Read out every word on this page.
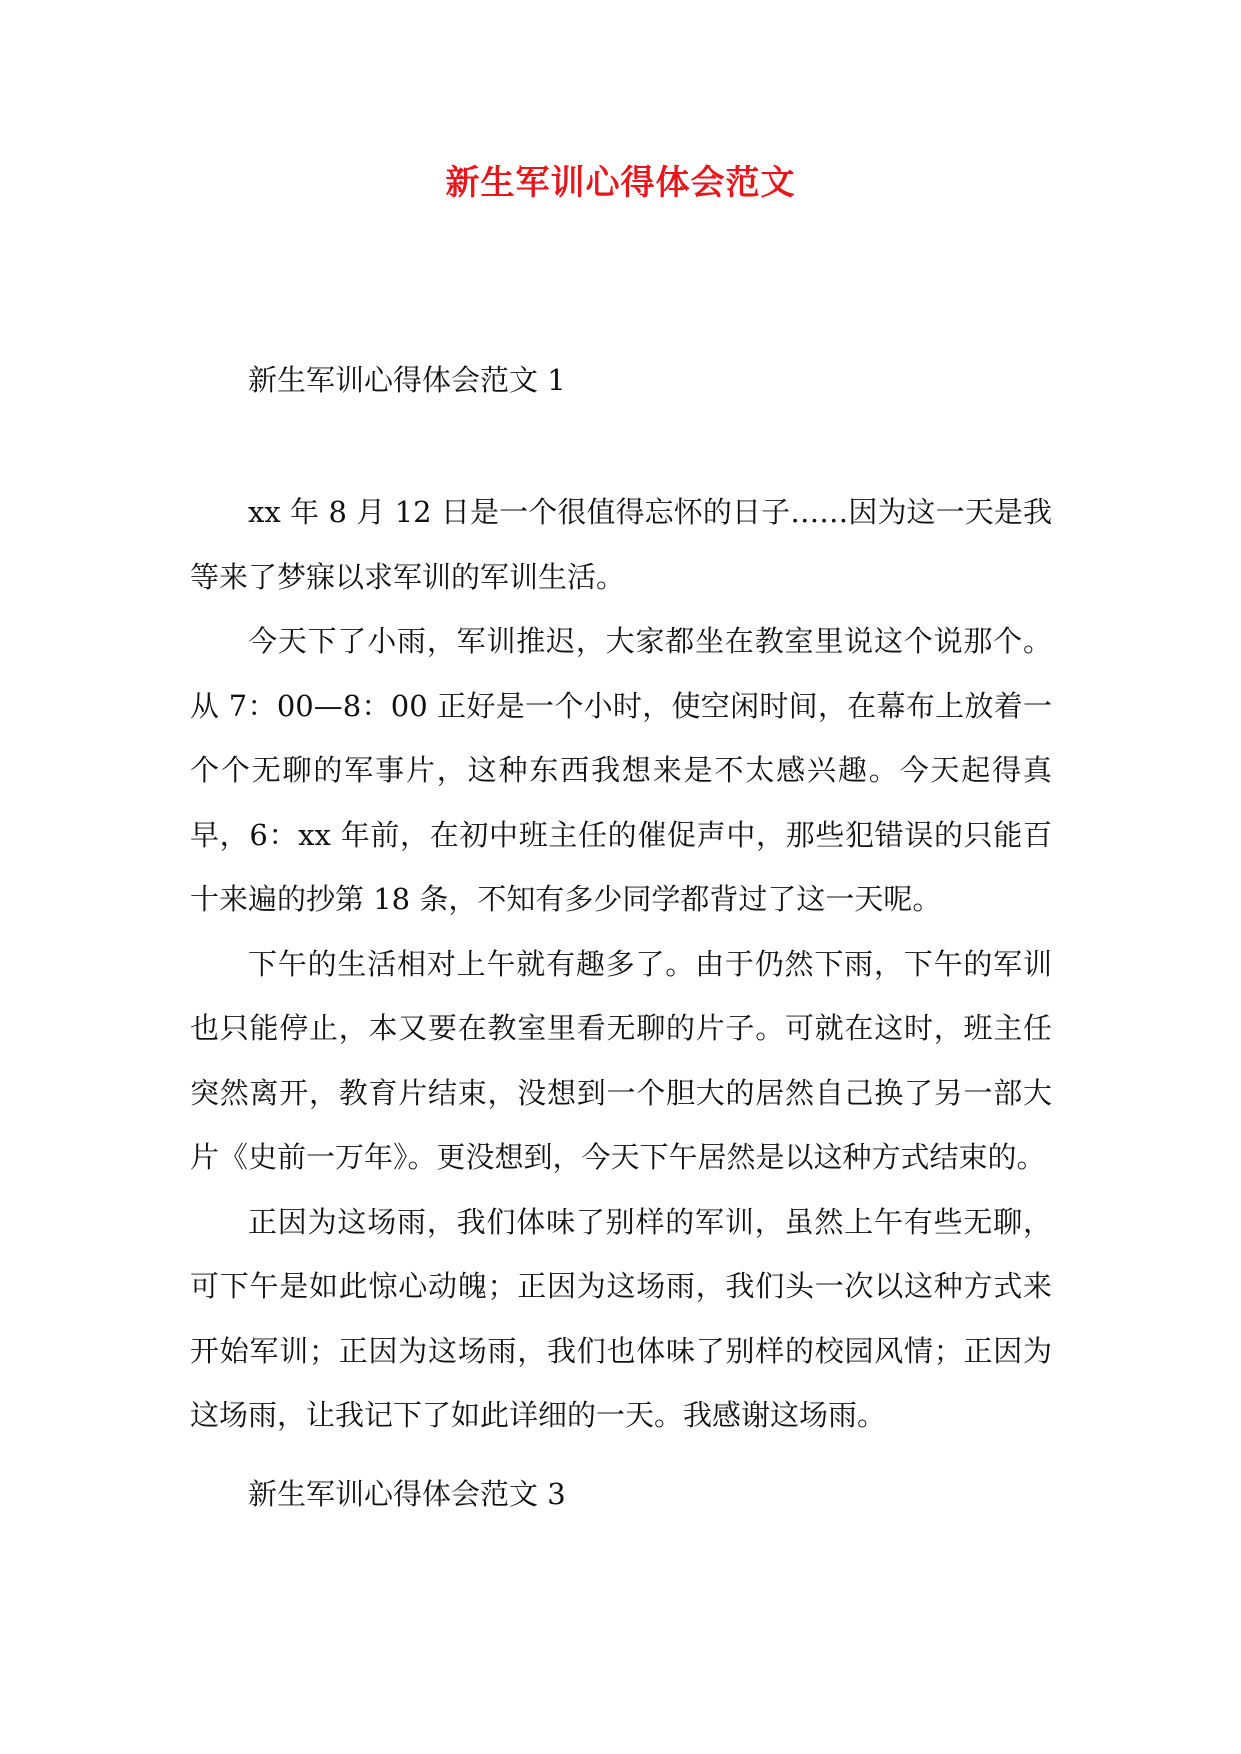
新生军训心得体会范文
新生军训心得体会范文 1

xx 年 8 月 12 日是一个很值得忘怀的日子……因为这一天是我等来了梦寐以求军训的军训生活。

今天下了小雨，军训推迟，大家都坐在教室里说这个说那个。从 7：00—8：00 正好是一个小时，使空闲时间，在幕布上放着一个个无聊的军事片，这种东西我想来是不太感兴趣。今天起得真早，6：xx 年前，在初中班主任的催促声中，那些犯错误的只能百十来遍的抄第 18 条，不知有多少同学都背过了这一天呢。

下午的生活相对上午就有趣多了。由于仍然下雨，下午的军训也只能停止，本又要在教室里看无聊的片子。可就在这时，班主任突然离开，教育片结束，没想到一个胆大的居然自己换了另一部大片《史前一万年》。更没想到，今天下午居然是以这种方式结束的。

正因为这场雨，我们体味了别样的军训，虽然上午有些无聊，可下午是如此惊心动魄；正因为这场雨，我们头一次以这种方式来开始军训；正因为这场雨，我们也体味了别样的校园风情；正因为这场雨，让我记下了如此详细的一天。我感谢这场雨。

新生军训心得体会范文 3
